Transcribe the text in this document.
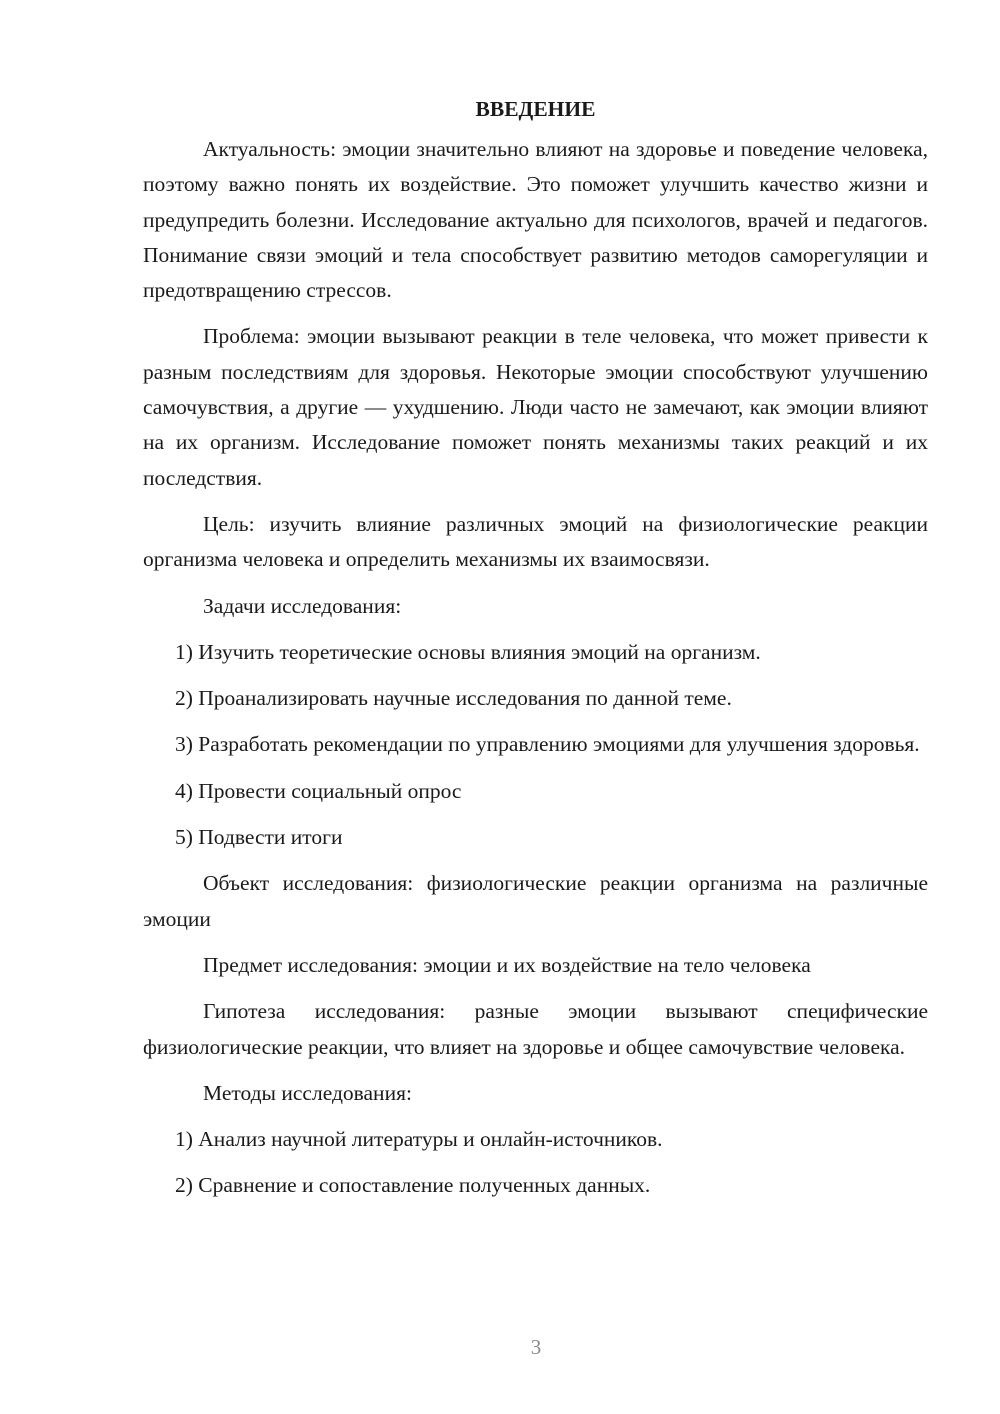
ВВЕДЕНИЕ

Актуальность: эмоции значительно влияют на здоровье и поведение человека, поэтому важно понять их воздействие. Это поможет улучшить качество жизни и предупредить болезни. Исследование актуально для психологов, врачей и педагогов. Понимание связи эмоций и тела способствует развитию методов саморегуляции и предотвращению стрессов.

Проблема: эмоции вызывают реакции в теле человека, что может привести к разным последствиям для здоровья. Некоторые эмоции способствуют улучшению самочувствия, а другие — ухудшению. Люди часто не замечают, как эмоции влияют на их организм. Исследование поможет понять механизмы таких реакций и их последствия.

Цель: изучить влияние различных эмоций на физиологические реакции организма человека и определить механизмы их взаимосвязи.

Задачи исследования:

1) Изучить теоретические основы влияния эмоций на организм.

2) Проанализировать научные исследования по данной теме.

3) Разработать рекомендации по управлению эмоциями для улучшения здоровья.

4) Провести социальный опрос

5) Подвести итоги

Объект исследования: физиологические реакции организма на различные эмоции

Предмет исследования: эмоции и их воздействие на тело человека

Гипотеза исследования: разные эмоции вызывают специфические физиологические реакции, что влияет на здоровье и общее самочувствие человека.

Методы исследования:

1) Анализ научной литературы и онлайн-источников.

2) Сравнение и сопоставление полученных данных.

3
